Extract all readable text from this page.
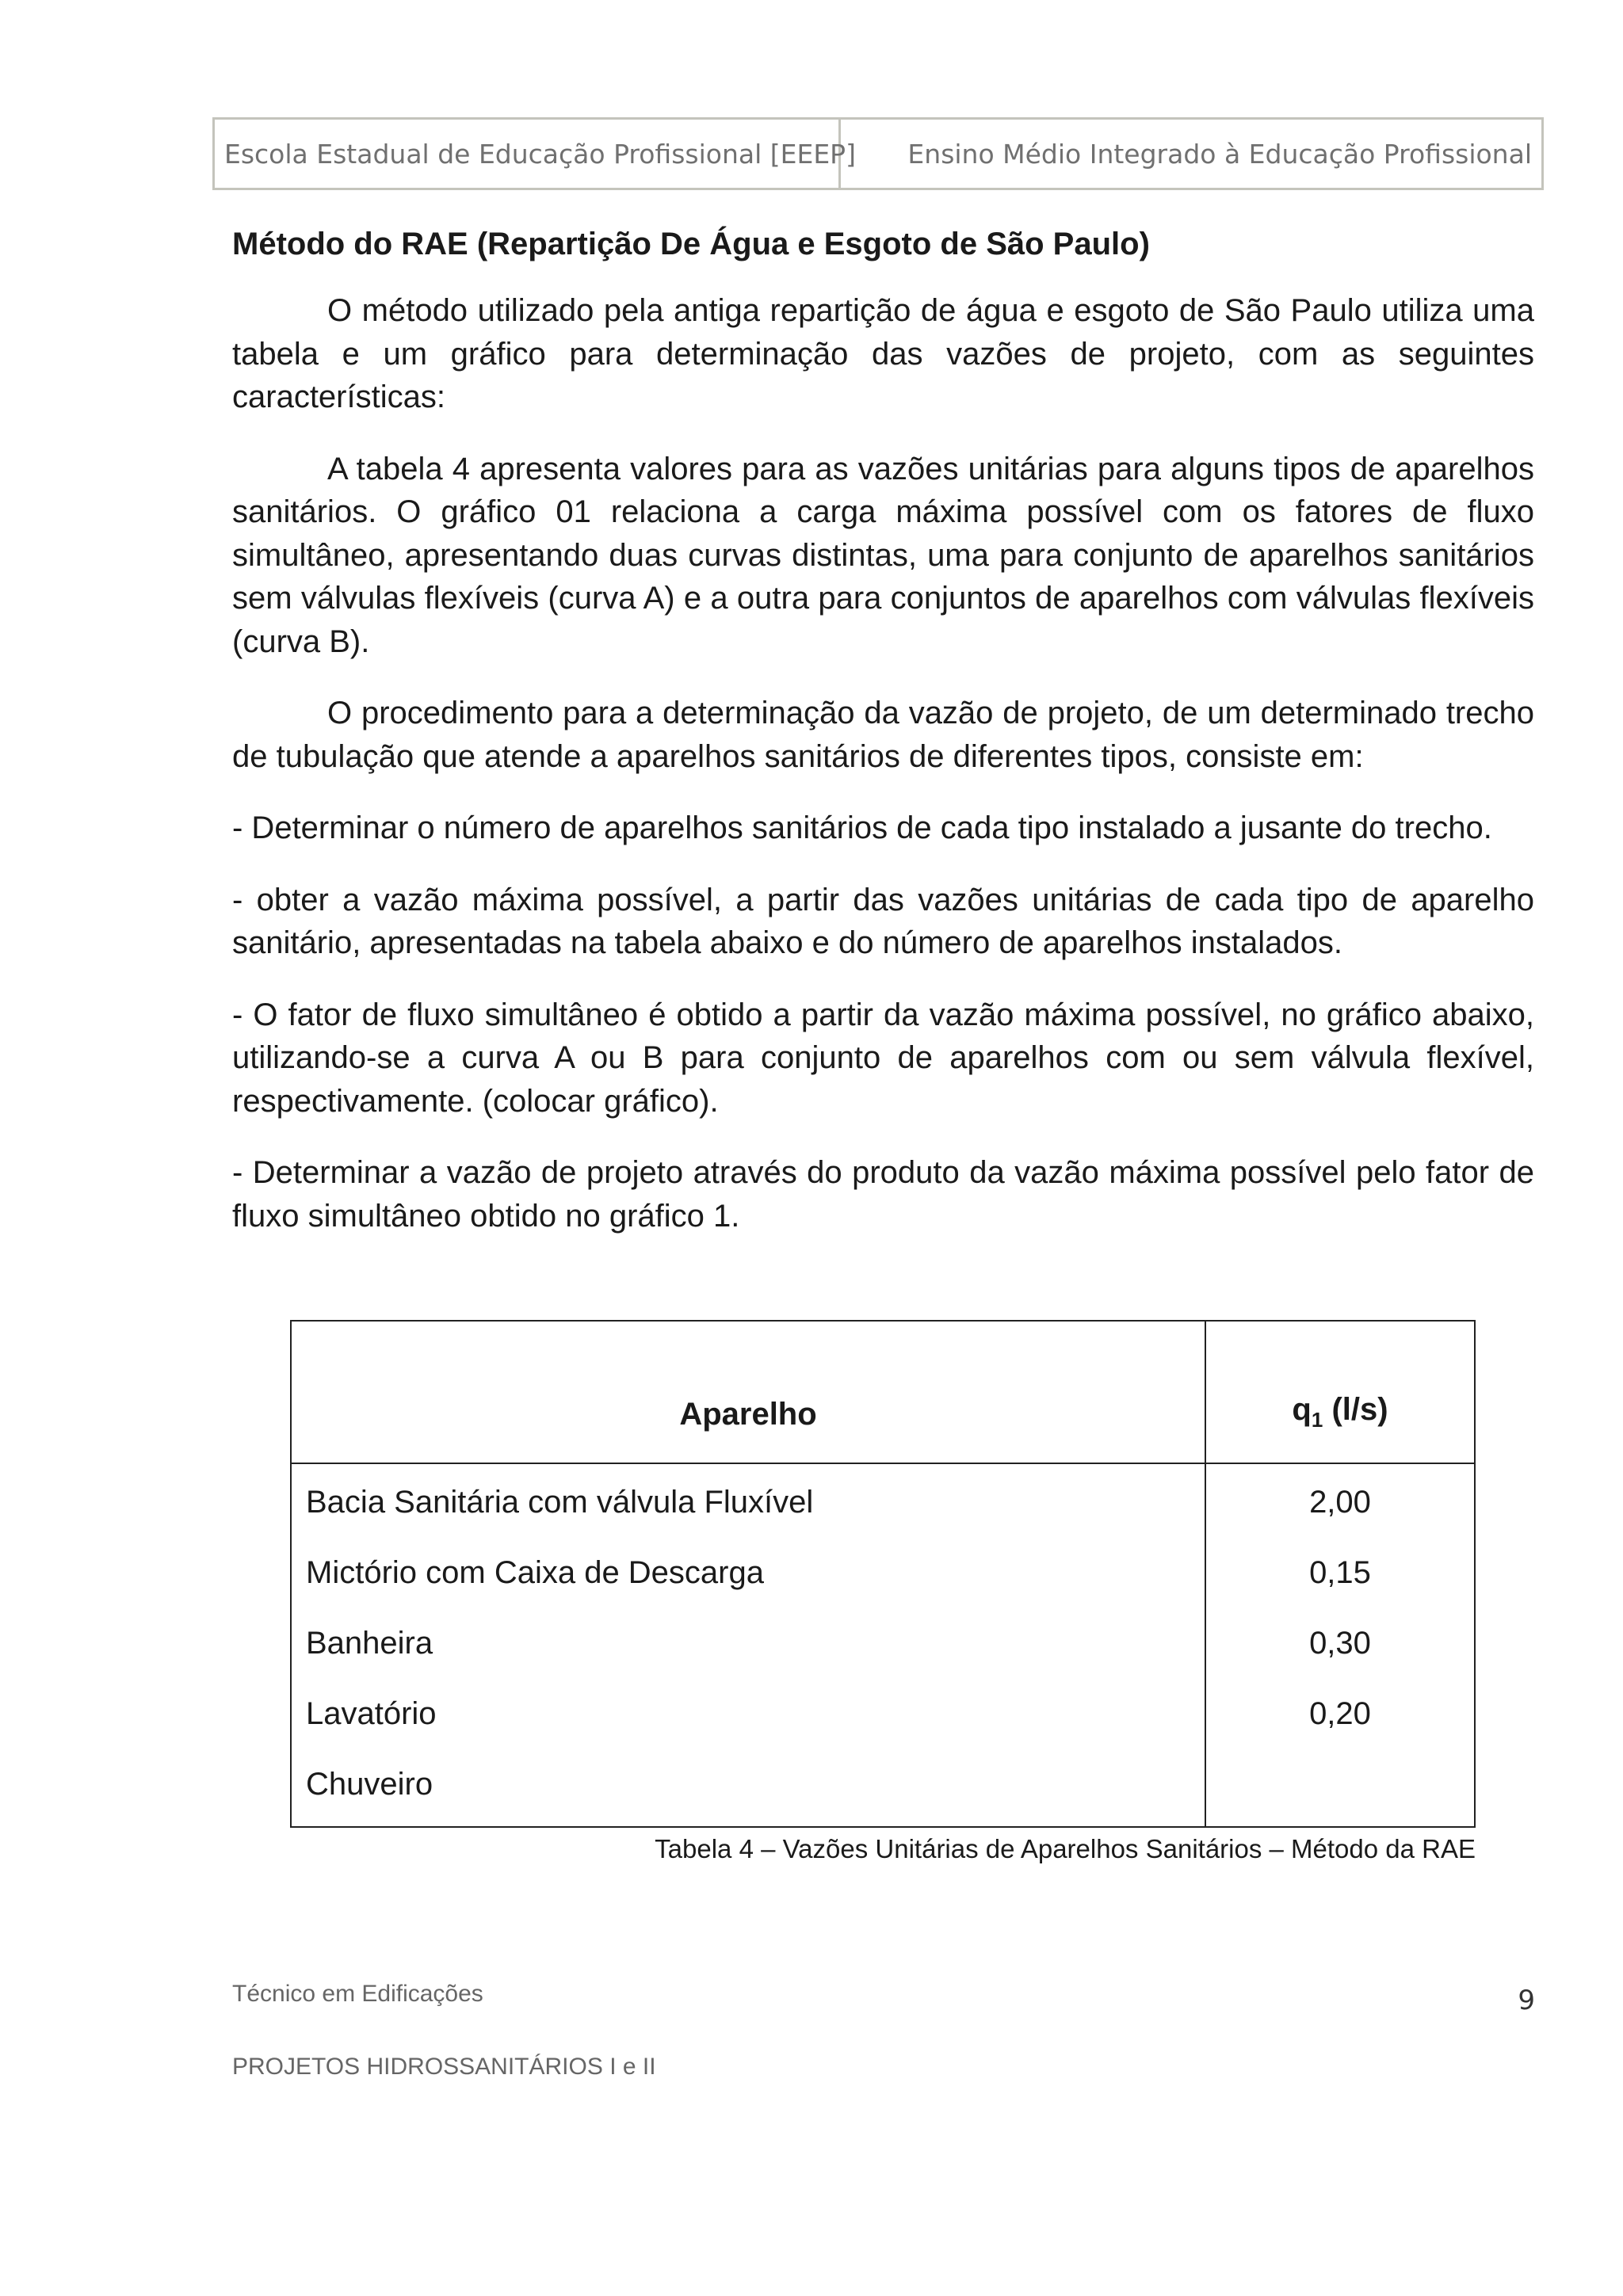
Escola Estadual de Educação Profissional [EEEP]	Ensino Médio Integrado à Educação Profissional
Método do RAE (Repartição De Água e Esgoto de São Paulo)

O método utilizado pela antiga repartição de água e esgoto de São Paulo utiliza uma tabela e um gráfico para determinação das vazões de projeto, com as seguintes características:

A tabela 4 apresenta valores para as vazões unitárias para alguns tipos de aparelhos sanitários. O gráfico 01 relaciona a carga máxima possível com os fatores de fluxo simultâneo, apresentando duas curvas distintas, uma para conjunto de aparelhos sanitários sem válvulas flexíveis (curva A) e a outra para conjuntos de aparelhos com válvulas flexíveis (curva B).

O procedimento para a determinação da vazão de projeto, de um determinado trecho de tubulação que atende a aparelhos sanitários de diferentes tipos, consiste em:

- Determinar o número de aparelhos sanitários de cada tipo instalado a jusante do trecho.

- obter a vazão máxima possível, a partir das vazões unitárias de cada tipo de aparelho sanitário, apresentadas na tabela abaixo e do número de aparelhos instalados.

- O fator de fluxo simultâneo é obtido a partir da vazão máxima possível, no gráfico abaixo, utilizando-se a curva A ou B para conjunto de aparelhos com ou sem válvula flexível, respectivamente. (colocar gráfico).

- Determinar a vazão de projeto através do produto da vazão máxima possível pelo fator de fluxo simultâneo obtido no gráfico 1.

Aparelho	$q_1$ (l/s)
Bacia Sanitária com válvula Fluxível	2,00
Mictório com Caixa de Descarga	0,15
Banheira	0,30
Lavatório	0,20
Chuveiro	
Tabela 4 – Vazões Unitárias de Aparelhos Sanitários – Método da RAE
Técnico em Edificações
PROJETOS HIDROSSANITÁRIOS I e II
9
